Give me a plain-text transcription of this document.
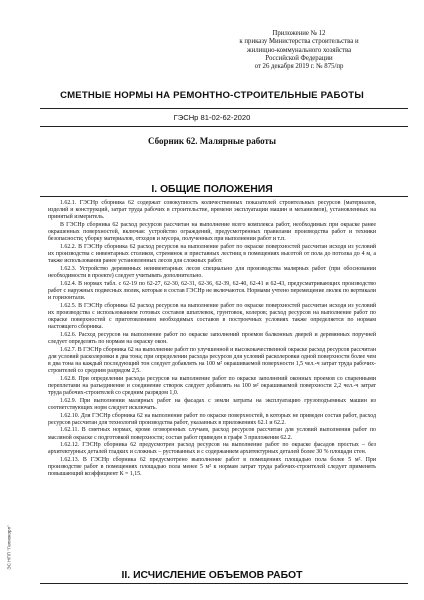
Приложение № 12
к приказу Министерства строительства и
жилищно-коммунального хозяйства
Российской Федерации
от 26 декабря 2019 г. № 875/пр
СМЕТНЫЕ НОРМЫ НА РЕМОНТНО-СТРОИТЕЛЬНЫЕ РАБОТЫ
ГЭСНр 81-02-62-2020
Сборник 62. Малярные работы
I. ОБЩИЕ ПОЛОЖЕНИЯ

1.62.1. ГЭСНр сборника 62 содержат совокупность количественных показателей строительных ресурсов (материалов, изделий и конструкций, затрат труда рабочих в строительстве, времени эксплуатации машин и механизмов), установленных на принятый измеритель.

В ГЭСНр сборника 62 расход ресурсов рассчитан на выполнение всего комплекса работ, необходимых при окраске ранее окрашенных поверхностей, включая: устройство ограждений, предусмотренных правилами производства работ и техники безопасности; уборку материалов, отходов и мусора, полученных при выполнении работ и т.п.

1.62.2. В ГЭСНр сборника 62 расход ресурсов на выполнение работ по окраске поверхностей рассчитан исходя из условий их производства с инвентарных столиков, стремянок и приставных лестниц в помещениях высотой от пола до потолка до 4 м, а также использования ранее установленных лесов для сложных работ.

1.62.3. Устройство деревянных неинвентарных лесов специально для производства малярных работ (при обосновании необходимости в проекте) следует учитывать дополнительно.

1.62.4. В нормах табл. с 62-19 по 62-27, 62-30, 62-31, 62-36, 62-39, 62-40, 62-41 и 62-43, предусматривающих производство работ с наружных подвесных люлек, которые в состав ГЭСНр не включаются. Нормами учтено перемещение люлек по вертикали и горизонтали.

1.62.5. В ГЭСНр сборника 62 расход ресурсов на выполнение работ по окраске поверхностей рассчитан исходя из условий их производства с использованием готовых составов шпатлевок, грунтовок, колеров; расход ресурсов на выполнение работ по окраске поверхностей с приготовлением необходимых составов в построечных условиях также определяется по нормам настоящего сборника.

1.62.6. Расход ресурсов на выполнение работ по окраске заполнений проемов балконных дверей и деревянных поручней следует определять по нормам на окраску окон.

1.62.7. В ГЭСНр сборника 62 на выполнение работ по улучшенной и высококачественной окраске расход ресурсов рассчитан для условий расколеровки в два тона; при определении расхода ресурсов для условий расколеровки одной поверхности более чем в два тона на каждый последующий тон следует добавлять на 100 м² окрашиваемой поверхности 1,5 чел.-ч затрат труда рабочих-строителей со средним разрядом 2,5.

1.62.8. При определении расхода ресурсов на выполнение работ по окраске заполнений оконных проемов со спаренными переплетами на разъединение и соединение створок следует добавлять на 100 м² окрашиваемой поверхности 2,2 чел.-ч затрат труда рабочих-строителей со средним разрядом 1,0.

1.62.9. При выполнении малярных работ на фасадах с земли затраты на эксплуатацию грузоподъемных машин из соответствующих норм следует исключать.

1.62.10. Для ГЭСНр сборника 62 на выполнение работ по окраске поверхностей, в которых не приведен состав работ, расход ресурсов рассчитан для технологий производства работ, указанных в приложениях 62.1 и 62.2.

1.62.11. В сметных нормах, кроме оговоренных случаев, расход ресурсов рассчитан для условий выполнения работ по масляной окраске с подготовкой поверхности; состав работ приведен в графе 3 приложения 62.2.

1.62.12. ГЭСНр сборника 62 предусмотрен расход ресурсов на выполнение работ по окраске фасадов простых – без архитектурных деталей гладких и сложных – рустованных и с содержанием архитектурных деталей более 30 % площади стен.

1.62.13. В ГЭСНр сборника 62 предусмотрено выполнение работ в помещениях площадью пола более 5 м². При производстве работ в помещениях площадью пола менее 5 м² к нормам затрат труда рабочих-строителей следует применять повышающий коэффициент К = 1,15.

II. ИСЧИСЛЕНИЕ ОБЪЕМОВ РАБОТ
ЭС НПП "Гелиокорп"
